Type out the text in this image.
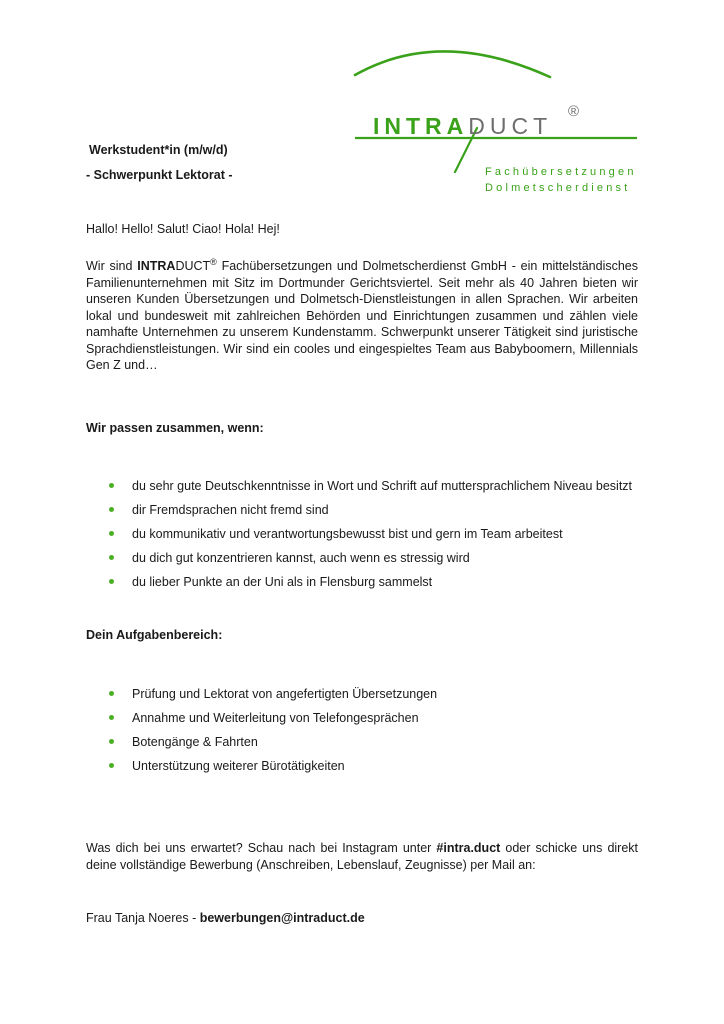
INTRADUCT
®
Fachübersetzungen
Dolmetscherdienst
Werkstudent*in (m/w/d)
- Schwerpunkt Lektorat -
Hallo! Hello! Salut! Ciao! Hola! Hej!
Wir sind INTRADUCT® Fachübersetzungen und Dolmetscherdienst GmbH - ein mittelständisches Familienunternehmen mit Sitz im Dortmunder Gerichtsviertel. Seit mehr als 40 Jahren bieten wir unseren Kunden Übersetzungen und Dolmetsch-Dienstleistungen in allen Sprachen. Wir arbeiten lokal und bundesweit mit zahlreichen Behörden und Einrichtungen zusammen und zählen viele namhafte Unternehmen zu unserem Kundenstamm. Schwerpunkt unserer Tätigkeit sind juristische Sprachdienstleistungen. Wir sind ein cooles und eingespieltes Team aus Babyboomern, Millennials Gen Z und…
Wir passen zusammen, wenn:
du sehr gute Deutschkenntnisse in Wort und Schrift auf muttersprachlichem Niveau besitzt
dir Fremdsprachen nicht fremd sind
du kommunikativ und verantwortungsbewusst bist und gern im Team arbeitest
du dich gut konzentrieren kannst, auch wenn es stressig wird
du lieber Punkte an der Uni als in Flensburg sammelst
Dein Aufgabenbereich:
Prüfung und Lektorat von angefertigten Übersetzungen
Annahme und Weiterleitung von Telefongesprächen
Botengänge & Fahrten
Unterstützung weiterer Bürotätigkeiten
Was dich bei uns erwartet? Schau nach bei Instagram unter #intra.duct oder schicke uns direkt deine vollständige Bewerbung (Anschreiben, Lebenslauf, Zeugnisse) per Mail an:
Frau Tanja Noeres - bewerbungen@intraduct.de
